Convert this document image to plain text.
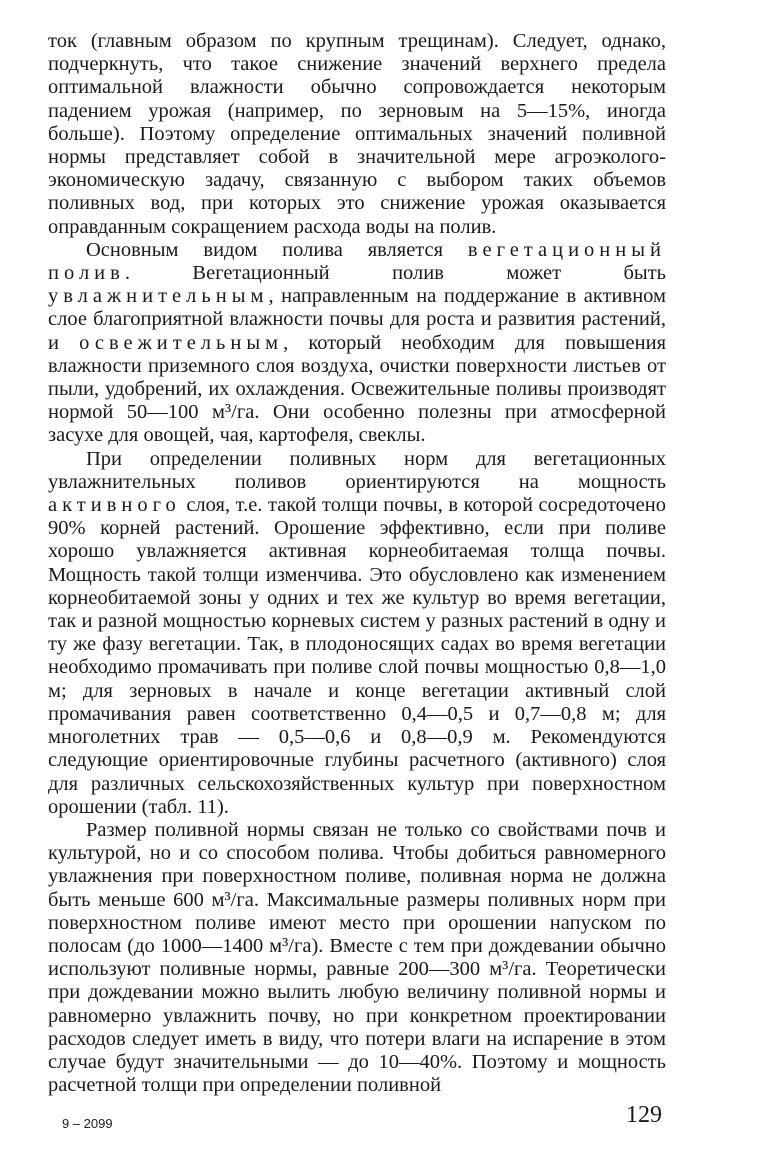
ток (главным образом по крупным трещинам). Следует, однако, подчеркнуть, что такое снижение значений верхнего предела оптимальной влажности обычно сопровождается некоторым падением урожая (например, по зерновым на 5—15%, иногда больше). Поэтому определение оптимальных значений поливной нормы представляет собой в значительной мере агроэколого-экономическую задачу, связанную с выбором таких объемов поливных вод, при которых это снижение урожая оказывается оправданным сокращением расхода воды на полив.

Основным видом полива является вегетационный полив. Вегетационный полив может быть увлажнительным, направленным на поддержание в активном слое благоприятной влажности почвы для роста и развития растений, и освежительным, который необходим для повышения влажности приземного слоя воздуха, очистки поверхности листьев от пыли, удобрений, их охлаждения. Освежительные поливы производят нормой 50—100 м³/га. Они особенно полезны при атмосферной засухе для овощей, чая, картофеля, свеклы.

При определении поливных норм для вегетационных увлажнительных поливов ориентируются на мощность активного слоя, т.е. такой толщи почвы, в которой сосредоточено 90% корней растений. Орошение эффективно, если при поливе хорошо увлажняется активная корнеобитаемая толща почвы. Мощность такой толщи изменчива. Это обусловлено как изменением корнеобитаемой зоны у одних и тех же культур во время вегетации, так и разной мощностью корневых систем у разных растений в одну и ту же фазу вегетации. Так, в плодоносящих садах во время вегетации необходимо промачивать при поливе слой почвы мощностью 0,8—1,0 м; для зерновых в начале и конце вегетации активный слой промачивания равен соответственно 0,4—0,5 и 0,7—0,8 м; для многолетних трав — 0,5—0,6 и 0,8—0,9 м. Рекомендуются следующие ориентировочные глубины расчетного (активного) слоя для различных сельскохозяйственных культур при поверхностном орошении (табл. 11).

Размер поливной нормы связан не только со свойствами почв и культурой, но и со способом полива. Чтобы добиться равномерного увлажнения при поверхностном поливе, поливная норма не должна быть меньше 600 м³/га. Максимальные размеры поливных норм при поверхностном поливе имеют место при орошении напуском по полосам (до 1000—1400 м³/га). Вместе с тем при дождевании обычно используют поливные нормы, равные 200—300 м³/га. Теоретически при дождевании можно вылить любую величину поливной нормы и равномерно увлажнить почву, но при конкретном проектировании расходов следует иметь в виду, что потери влаги на испарение в этом случае будут значительными — до 10—40%. Поэтому и мощность расчетной толщи при определении поливной

9 – 2099	129
